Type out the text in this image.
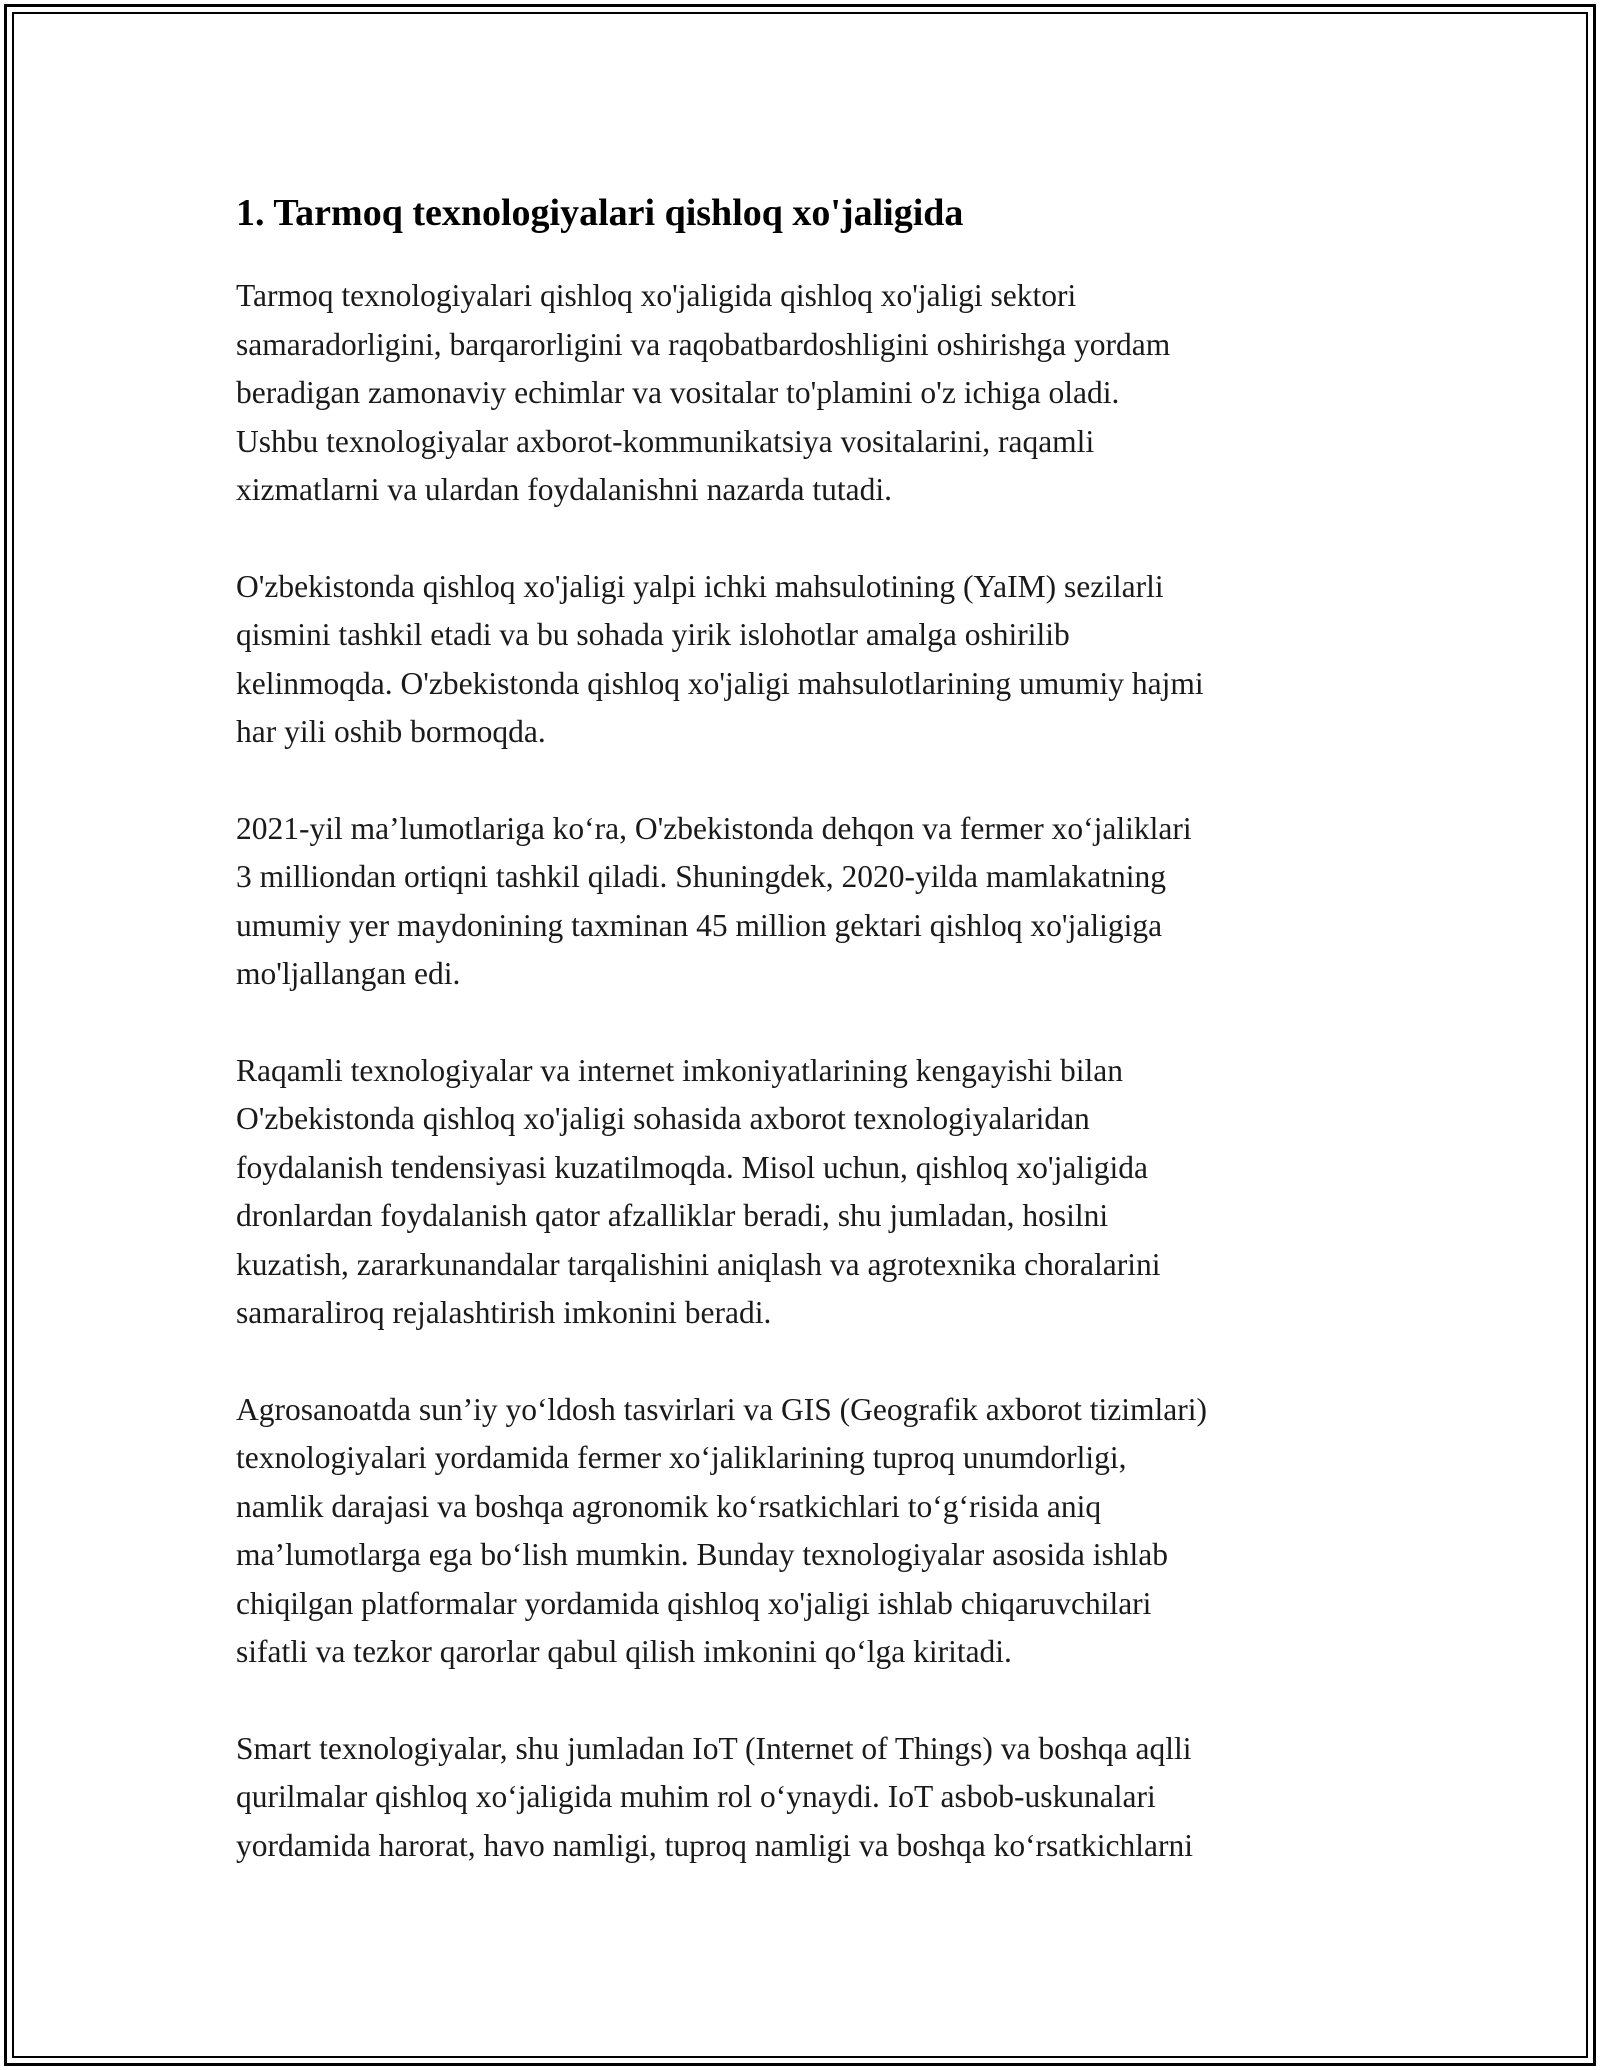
1. Tarmoq texnologiyalari qishloq xo'jaligida

Tarmoq texnologiyalari qishloq xo'jaligida qishloq xo'jaligi sektori
samaradorligini, barqarorligini va raqobatbardoshligini oshirishga yordam
beradigan zamonaviy echimlar va vositalar to'plamini o'z ichiga oladi.
Ushbu texnologiyalar axborot-kommunikatsiya vositalarini, raqamli
xizmatlarni va ulardan foydalanishni nazarda tutadi.

O'zbekistonda qishloq xo'jaligi yalpi ichki mahsulotining (YaIM) sezilarli
qismini tashkil etadi va bu sohada yirik islohotlar amalga oshirilib
kelinmoqda. O'zbekistonda qishloq xo'jaligi mahsulotlarining umumiy hajmi
har yili oshib bormoqda.

2021-yil ma’lumotlariga ko‘ra, O'zbekistonda dehqon va fermer xo‘jaliklari
3 milliondan ortiqni tashkil qiladi. Shuningdek, 2020-yilda mamlakatning
umumiy yer maydonining taxminan 45 million gektari qishloq xo'jaligiga
mo'ljallangan edi.

Raqamli texnologiyalar va internet imkoniyatlarining kengayishi bilan
O'zbekistonda qishloq xo'jaligi sohasida axborot texnologiyalaridan
foydalanish tendensiyasi kuzatilmoqda. Misol uchun, qishloq xo'jaligida
dronlardan foydalanish qator afzalliklar beradi, shu jumladan, hosilni
kuzatish, zararkunandalar tarqalishini aniqlash va agrotexnika choralarini
samaraliroq rejalashtirish imkonini beradi.

Agrosanoatda sun’iy yo‘ldosh tasvirlari va GIS (Geografik axborot tizimlari)
texnologiyalari yordamida fermer xo‘jaliklarining tuproq unumdorligi,
namlik darajasi va boshqa agronomik ko‘rsatkichlari to‘g‘risida aniq
ma’lumotlarga ega bo‘lish mumkin. Bunday texnologiyalar asosida ishlab
chiqilgan platformalar yordamida qishloq xo'jaligi ishlab chiqaruvchilari
sifatli va tezkor qarorlar qabul qilish imkonini qo‘lga kiritadi.

Smart texnologiyalar, shu jumladan IoT (Internet of Things) va boshqa aqlli
qurilmalar qishloq xo‘jaligida muhim rol o‘ynaydi. IoT asbob-uskunalari
yordamida harorat, havo namligi, tuproq namligi va boshqa ko‘rsatkichlarni
